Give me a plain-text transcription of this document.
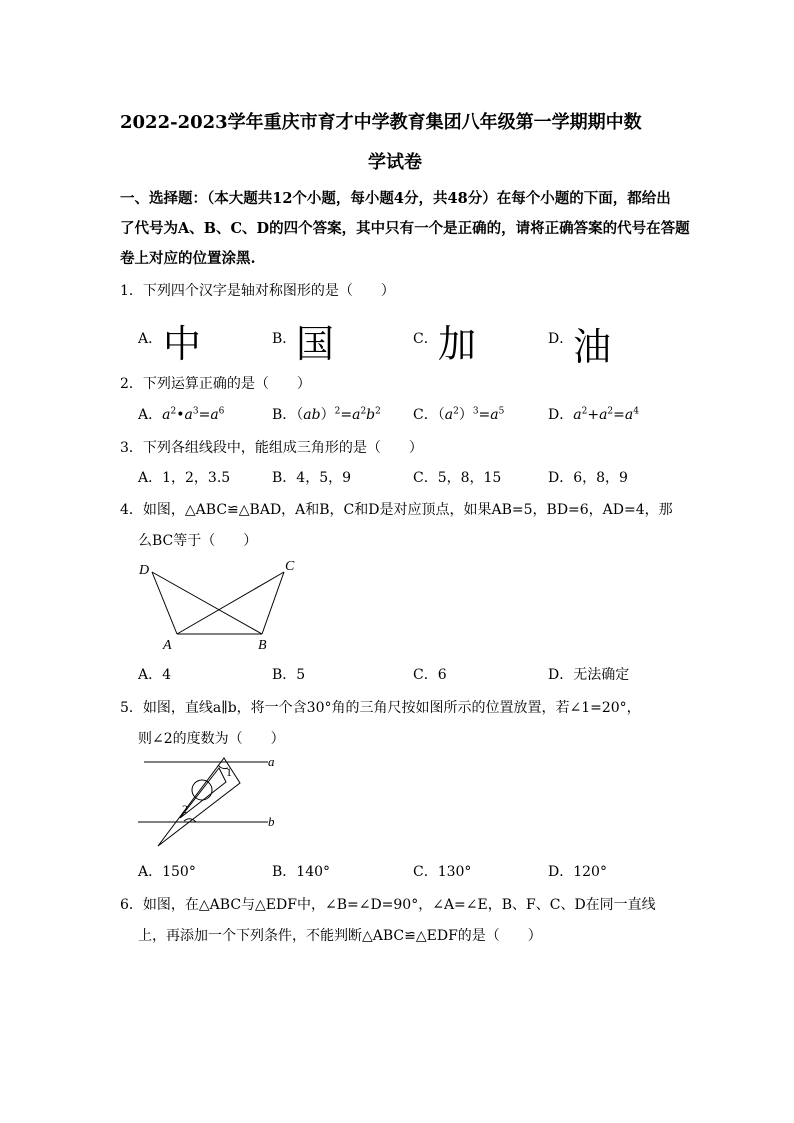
2022-2023学年重庆市育才中学教育集团八年级第一学期期中数
学试卷
一、选择题：（本大题共12个小题，每小题4分，共48分）在每个小题的下面，都给出
了代号为A、B、C、D的四个答案，其中只有一个是正确的，请将正确答案的代号在答题
卷上对应的位置涂黑.
1．下列四个汉字是轴对称图形的是（　　）
A． 中	B． 国	C． 加	D． 油
2．下列运算正确的是（　　）
A．$a^2•a^3=a^6$	B．$(ab)^2=a^2b^2$ C．$(a^2)^3=a^5$	D．$a^2+a^2=a^4$
3．下列各组线段中，能组成三角形的是（　　）
A．1，2，3.5	B．4，5，9	C．5，8，15	D．6，8，9
4．如图，△ABC≌△BAD，A和B，C和D是对应顶点，如果AB=5，BD=6，AD=4，那
么BC等于（　　）
D	C
A	B
A．4	B．5	C．6	D．无法确定
5．如图，直线a∥b，将一个含30°角的三角尺按如图所示的位置放置，若∠1=20°，
则∠2的度数为（　　）
a
b
1
2
A．150°	B．140°	C．130°	D．120°
6．如图，在△ABC与△EDF中，∠B=∠D=90°，∠A=∠E，B、F、C、D在同一直线
上，再添加一个下列条件，不能判断△ABC≌△EDF的是（　　）
